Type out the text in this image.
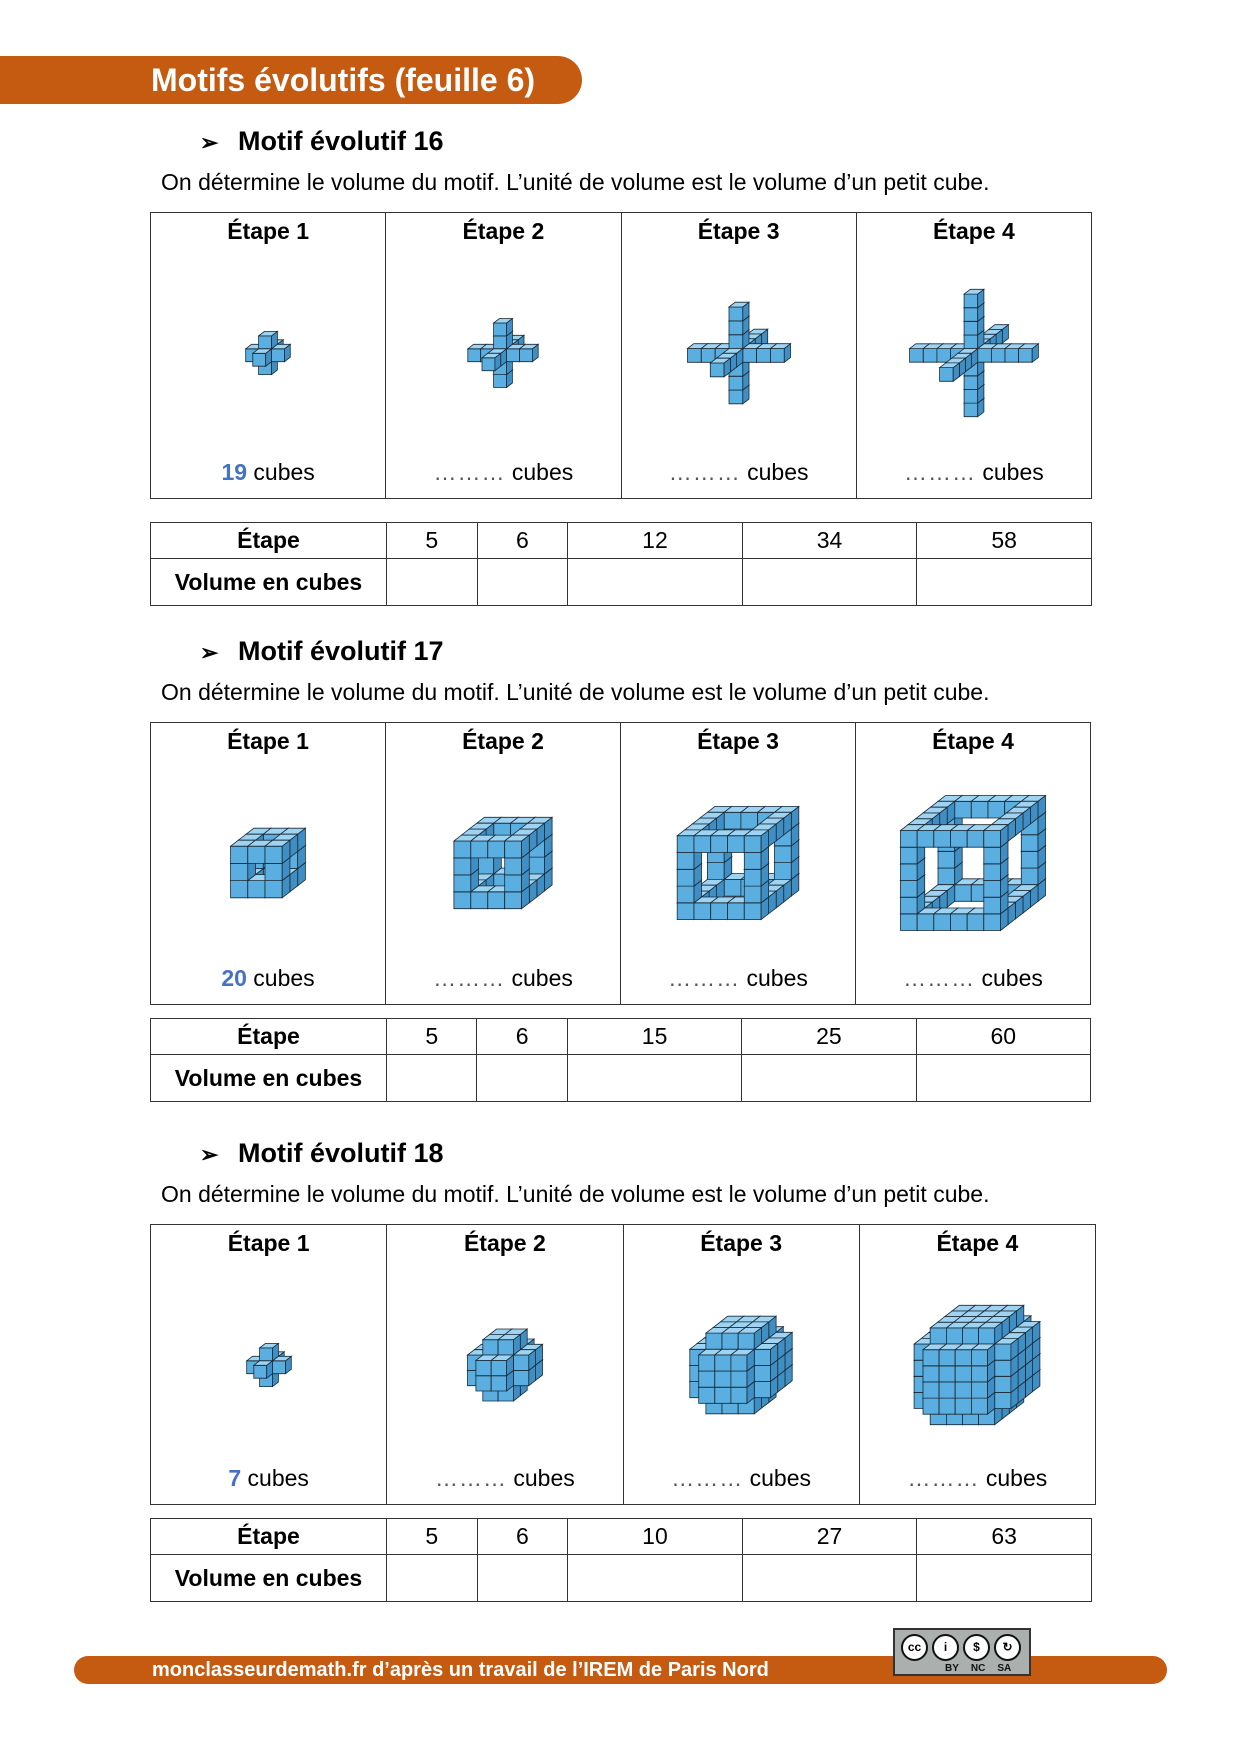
Motifs évolutifs (feuille 6)
➢ Motif évolutif 16
On détermine le volume du motif. L’unité de volume est le volume d’un petit cube.
Étape 1
19 cubes
Étape 2
……… cubes
Étape 3
……… cubes
Étape 4
……… cubes
Étape	5	6	12	34	58
Volume en cubes					
➢ Motif évolutif 17
On détermine le volume du motif. L’unité de volume est le volume d’un petit cube.
Étape 1
20 cubes
Étape 2
……… cubes
Étape 3
……… cubes
Étape 4
……… cubes
Étape	5	6	15	25	60
Volume en cubes					
➢ Motif évolutif 18
On détermine le volume du motif. L’unité de volume est le volume d’un petit cube.
Étape 1
7 cubes
Étape 2
……… cubes
Étape 3
……… cubes
Étape 4
……… cubes
Étape	5	6	10	27	63
Volume en cubes					
monclasseurdemath.fr d’après un travail de l’IREM de Paris Nord
cc	i	$	↻
BY NC SA
